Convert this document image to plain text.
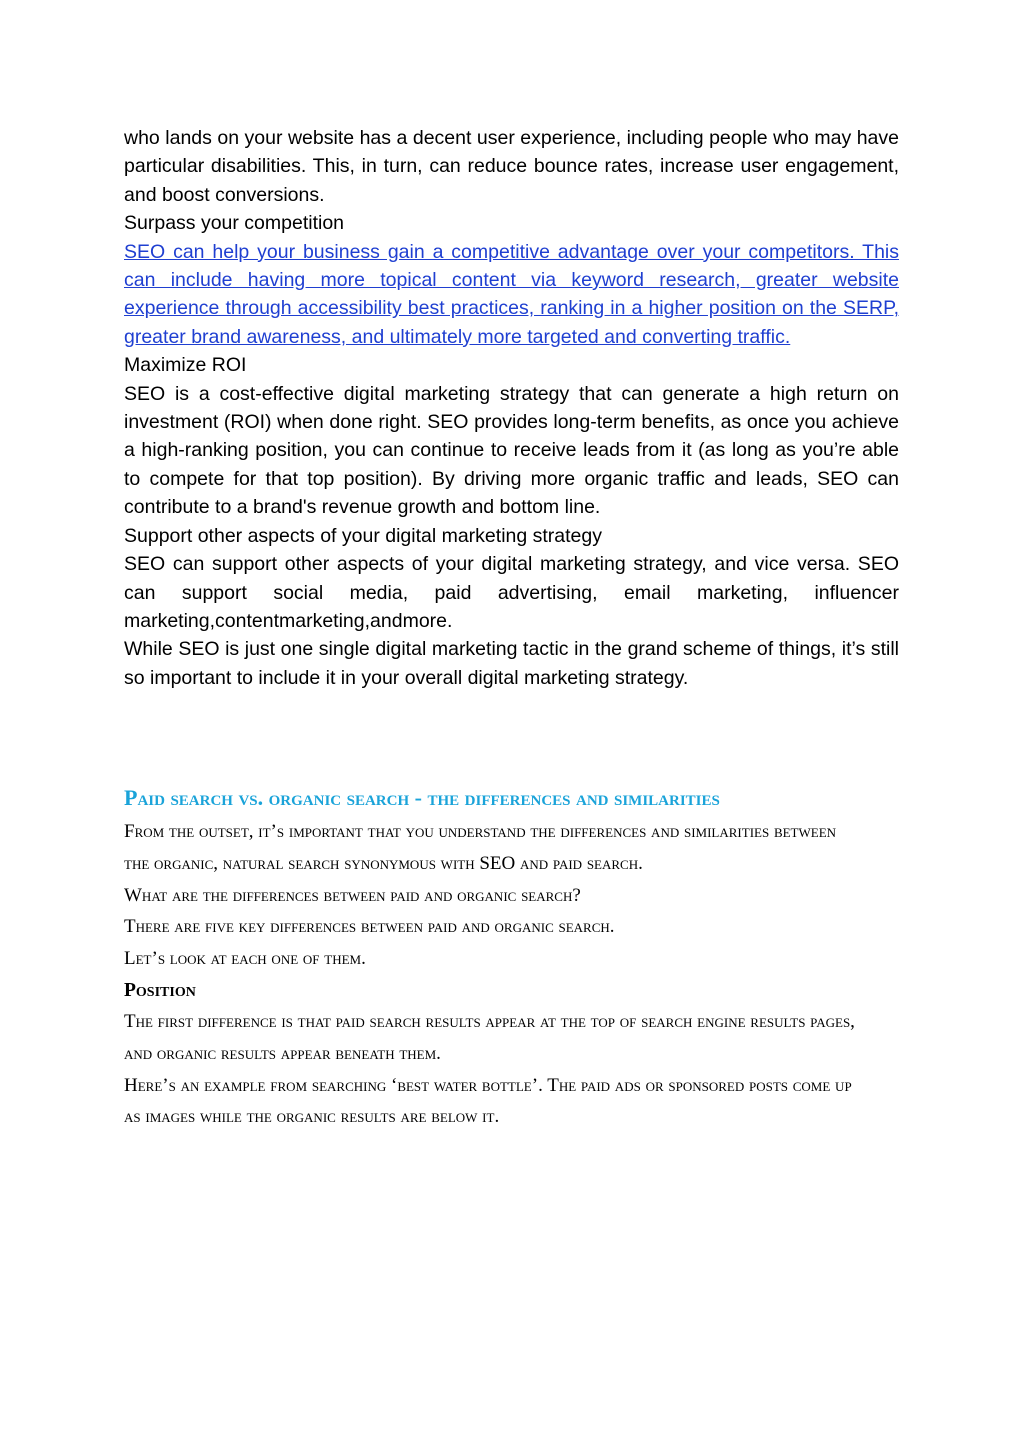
who lands on your website has a decent user experience, including people who may have particular disabilities. This, in turn, can reduce bounce rates, increase user engagement, and boost conversions.

Surpass your competition

SEO can help your business gain a competitive advantage over your competitors. This can include having more topical content via keyword research, greater website experience through accessibility best practices, ranking in a higher position on the SERP, greater brand awareness, and ultimately more targeted and converting traffic.

Maximize ROI

SEO is a cost-effective digital marketing strategy that can generate a high return on investment (ROI) when done right. SEO provides long-term benefits, as once you achieve a high-ranking position, you can continue to receive leads from it (as long as you’re able to compete for that top position). By driving more organic traffic and leads, SEO can contribute to a brand's revenue growth and bottom line.

Support other aspects of your digital marketing strategy

SEO can support other aspects of your digital marketing strategy, and vice versa. SEO can support social media, paid advertising, email marketing, influencer marketing,contentmarketing,andmore.

While SEO is just one single digital marketing tactic in the grand scheme of things, it’s still so important to include it in your overall digital marketing strategy.

Paid search vs. organic search - the differences and similarities
From the outset, it’s important that you understand the differences and similarities between the organic, natural search synonymous with SEO and paid search.
What are the differences between paid and organic search?
There are five key differences between paid and organic search.
Let’s look at each one of them.
Position
The first difference is that paid search results appear at the top of search engine results pages, and organic results appear beneath them.
Here’s an example from searching ‘best water bottle’. The paid ads or sponsored posts come up as images while the organic results are below it.
